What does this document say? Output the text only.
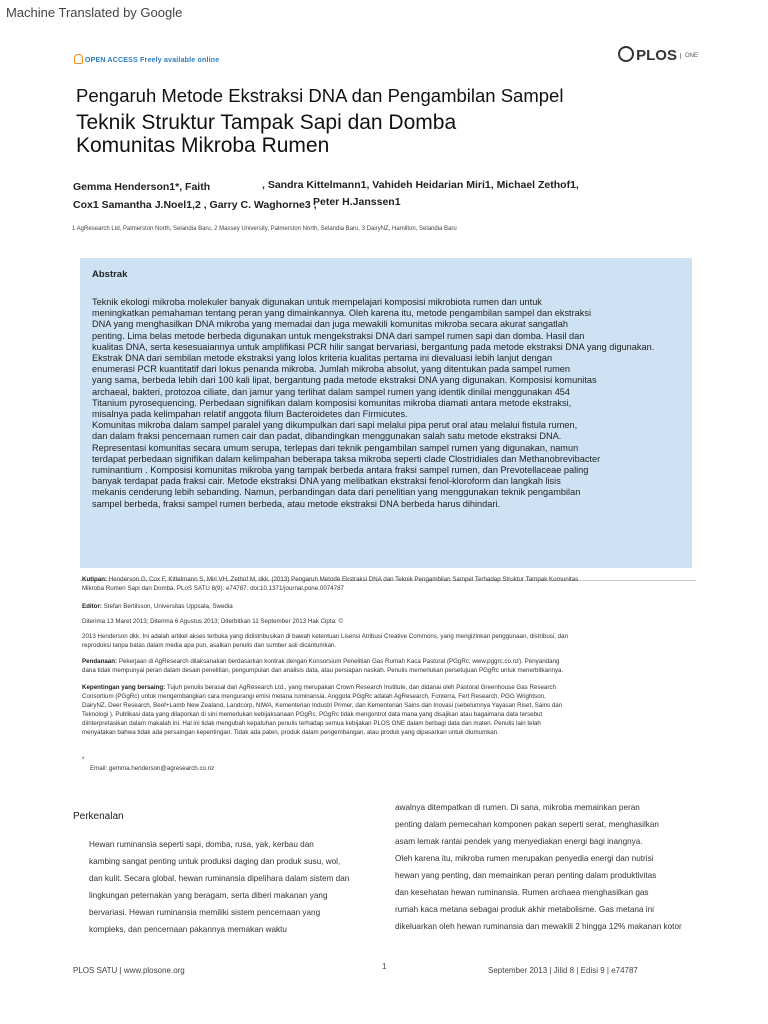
Machine Translated by Google
OPEN ACCESS Freely available online	PLOS $^{ONE}$
Pengaruh Metode Ekstraksi DNA dan Pengambilan Sampel
Teknik Struktur Tampak Sapi dan Domba
Komunitas Mikroba Rumen
Gemma Henderson1*, Faith	, Sandra Kittelmann1, Vahideh Heidarian Miri1, Michael Zethof1,
Cox1 Samantha J.Noel1,2 , Garry C. Waghorne3 ,
Peter H.Janssen1
1 AgResearch Ltd, Palmerston North, Selandia Baru, 2 Massey University, Palmerston North, Selandia Baru, 3 DairyNZ, Hamilton, Selandia Baru
Abstrak
Teknik ekologi mikroba molekuler banyak digunakan untuk mempelajari komposisi mikrobiota rumen dan untuk
meningkatkan pemahaman tentang peran yang dimainkannya. Oleh karena itu, metode pengambilan sampel dan ekstraksi
DNA yang menghasilkan DNA mikroba yang memadai dan juga mewakili komunitas mikroba secara akurat sangatlah
penting. Lima belas metode berbeda digunakan untuk mengekstraksi DNA dari sampel rumen sapi dan domba. Hasil dan
kualitas DNA, serta kesesuaiannya untuk amplifikasi PCR hilir sangat bervariasi, bergantung pada metode ekstraksi DNA yang digunakan.
Ekstrak DNA dari sembilan metode ekstraksi yang lolos kriteria kualitas pertama ini dievaluasi lebih lanjut dengan
enumerasi PCR kuantitatif dari lokus penanda mikroba. Jumlah mikroba absolut, yang ditentukan pada sampel rumen
yang sama, berbeda lebih dari 100 kali lipat, bergantung pada metode ekstraksi DNA yang digunakan. Komposisi komunitas
archaeal, bakteri, protozoa ciliate, dan jamur yang terlihat dalam sampel rumen yang identik dinilai menggunakan 454
Titanium pyrosequencing. Perbedaan signifikan dalam komposisi komunitas mikroba diamati antara metode ekstraksi,
misalnya pada kelimpahan relatif anggota filum Bacteroidetes dan Firmicutes.
Komunitas mikroba dalam sampel paralel yang dikumpulkan dari sapi melalui pipa perut oral atau melalui fistula rumen,
dan dalam fraksi pencernaan rumen cair dan padat, dibandingkan menggunakan salah satu metode ekstraksi DNA.
Representasi komunitas secara umum serupa, terlepas dari teknik pengambilan sampel rumen yang digunakan, namun
terdapat perbedaan signifikan dalam kelimpahan beberapa taksa mikroba seperti clade Clostridiales dan Methanobrevibacter
ruminantium . Komposisi komunitas mikroba yang tampak berbeda antara fraksi sampel rumen, dan Prevotellaceae paling
banyak terdapat pada fraksi cair. Metode ekstraksi DNA yang melibatkan ekstraksi fenol-kloroform dan langkah lisis
mekanis cenderung lebih sebanding. Namun, perbandingan data dari penelitian yang menggunakan teknik pengambilan
sampel berbeda, fraksi sampel rumen berbeda, atau metode ekstraksi DNA berbeda harus dihindari.
Kutipan: Henderson G, Cox F, Kittelmann S, Miri VH, Zethof M, dkk. (2013) Pengaruh Metode Ekstraksi DNA dan Teknik Pengambilan Sampel Terhadap Struktur Tampak Komunitas
Mikroba Rumen Sapi dan Domba. PLoS SATU 8(9): e74787. doi:10.1371/journal.pone.0074787
Editor: Stefan Bertilsson, Universitas Uppsala, Swedia
Diterima 13 Maret 2013; Diterima 6 Agustus 2013; Diterbitkan 11 September 2013 Hak Cipta: ©
2013 Henderson dkk. Ini adalah artikel akses terbuka yang didistribusikan di bawah ketentuan Lisensi Atribusi Creative Commons, yang mengizinkan penggunaan, distribusi, dan
reproduksi tanpa batas dalam media apa pun, asalkan penulis dan sumber asli dicantumkan.
Pendanaan: Pekerjaan di AgResearch dilaksanakan berdasarkan kontrak dengan Konsorsium Penelitian Gas Rumah Kaca Pastoral (PGgRc; www.pggrc.co.nz). Penyandang
dana tidak mempunyai peran dalam desain penelitian, pengumpulan dan analisis data, atau persiapan naskah. Penulis memerlukan persetujuan PGgRc untuk menerbitkannya.
Kepentingan yang bersaing: Tujuh penulis berasal dari AgResearch Ltd., yang merupakan Crown Research Institute, dan didanai oleh Pastoral Greenhouse Gas Research
Consortium (PGgRc) untuk mengembangkan cara mengurangi emisi metana ruminansia. Anggota PGgRc adalah AgResearch, Fonterra, Fert Research, PGG Wrightson,
DairyNZ, Deer Research, Beef+Lamb New Zealand, Landcorp, NIWA, Kementerian Industri Primer, dan Kementerian Sains dan Inovasi (sebelumnya Yayasan Riset, Sains dan
Teknologi ). Publikasi data yang dilaporkan di sini memerlukan kebijaksanaan PGgRc. PGgRc tidak mengontrol data mana yang disajikan atau bagaimana data tersebut
diinterpretasikan dalam makalah ini. Hal ini tidak mengubah kepatuhan penulis terhadap semua kebijakan PLOS ONE dalam berbagi data dan materi. Penulis lain telah
menyatakan bahwa tidak ada persaingan kepentingan. Tidak ada paten, produk dalam pengembangan, atau produk yang dipasarkan untuk diumumkan.
*
Email: gemma.henderson@agresearch.co.nz
Perkenalan
Hewan ruminansia seperti sapi, domba, rusa, yak, kerbau dan
kambing sangat penting untuk produksi daging dan produk susu, wol,
dan kulit. Secara global, hewan ruminansia dipelihara dalam sistem dan
lingkungan peternakan yang beragam, serta diberi makanan yang
bervariasi. Hewan ruminansia memiliki sistem pencernaan yang
kompleks, dan pencernaan pakannya memakan waktu
awalnya ditempatkan di rumen. Di sana, mikroba memainkan peran
penting dalam pemecahan komponen pakan seperti serat, menghasilkan
asam lemak rantai pendek yang menyediakan energi bagi inangnya.
Oleh karena itu, mikroba rumen merupakan penyedia energi dan nutrisi
hewan yang penting, dan memainkan peran penting dalam produktivitas
dan kesehatan hewan ruminansia. Rumen archaea menghasilkan gas
rumah kaca metana sebagai produk akhir metabolisme. Gas metana ini
dikeluarkan oleh hewan ruminansia dan mewakili 2 hingga 12% makanan kotor
PLOS SATU | www.plosone.org	1	September 2013 | Jilid 8 | Edisi 9 | e74787
